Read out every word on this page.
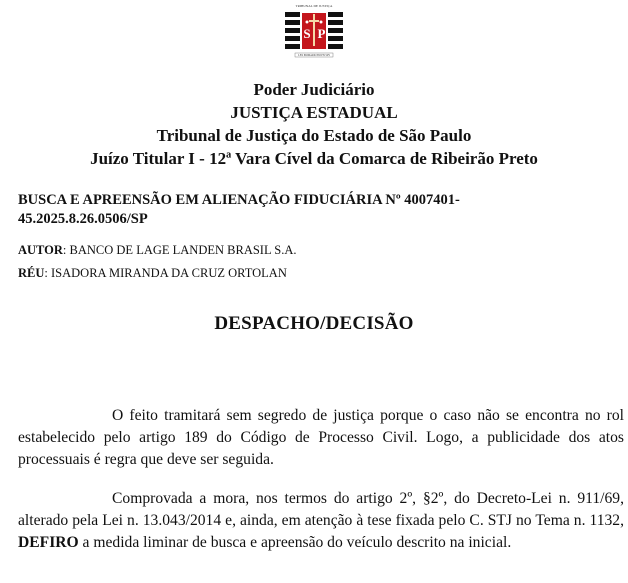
TRIBUNAL DE JUSTIÇA
S P
LEX PRIMARIO BOVIS SPS
Poder Judiciário
JUSTIÇA ESTADUAL
Tribunal de Justiça do Estado de São Paulo
Juízo Titular I - 12ª Vara Cível da Comarca de Ribeirão Preto
BUSCA E APREENSÃO EM ALIENAÇÃO FIDUCIÁRIA Nº 4007401-
45.2025.8.26.0506/SP
AUTOR: BANCO DE LAGE LANDEN BRASIL S.A.
RÉU: ISADORA MIRANDA DA CRUZ ORTOLAN
DESPACHO/DECISÃO
O feito tramitará sem segredo de justiça porque o caso não se encontra no rol estabelecido pelo artigo 189 do Código de Processo Civil. Logo, a publicidade dos atos processuais é regra que deve ser seguida.
Comprovada a mora, nos termos do artigo 2º, §2º, do Decreto-Lei n. 911/69, alterado pela Lei n. 13.043/2014 e, ainda, em atenção à tese fixada pelo C. STJ no Tema n. 1132, DEFIRO a medida liminar de busca e apreensão do veículo descrito na inicial.
